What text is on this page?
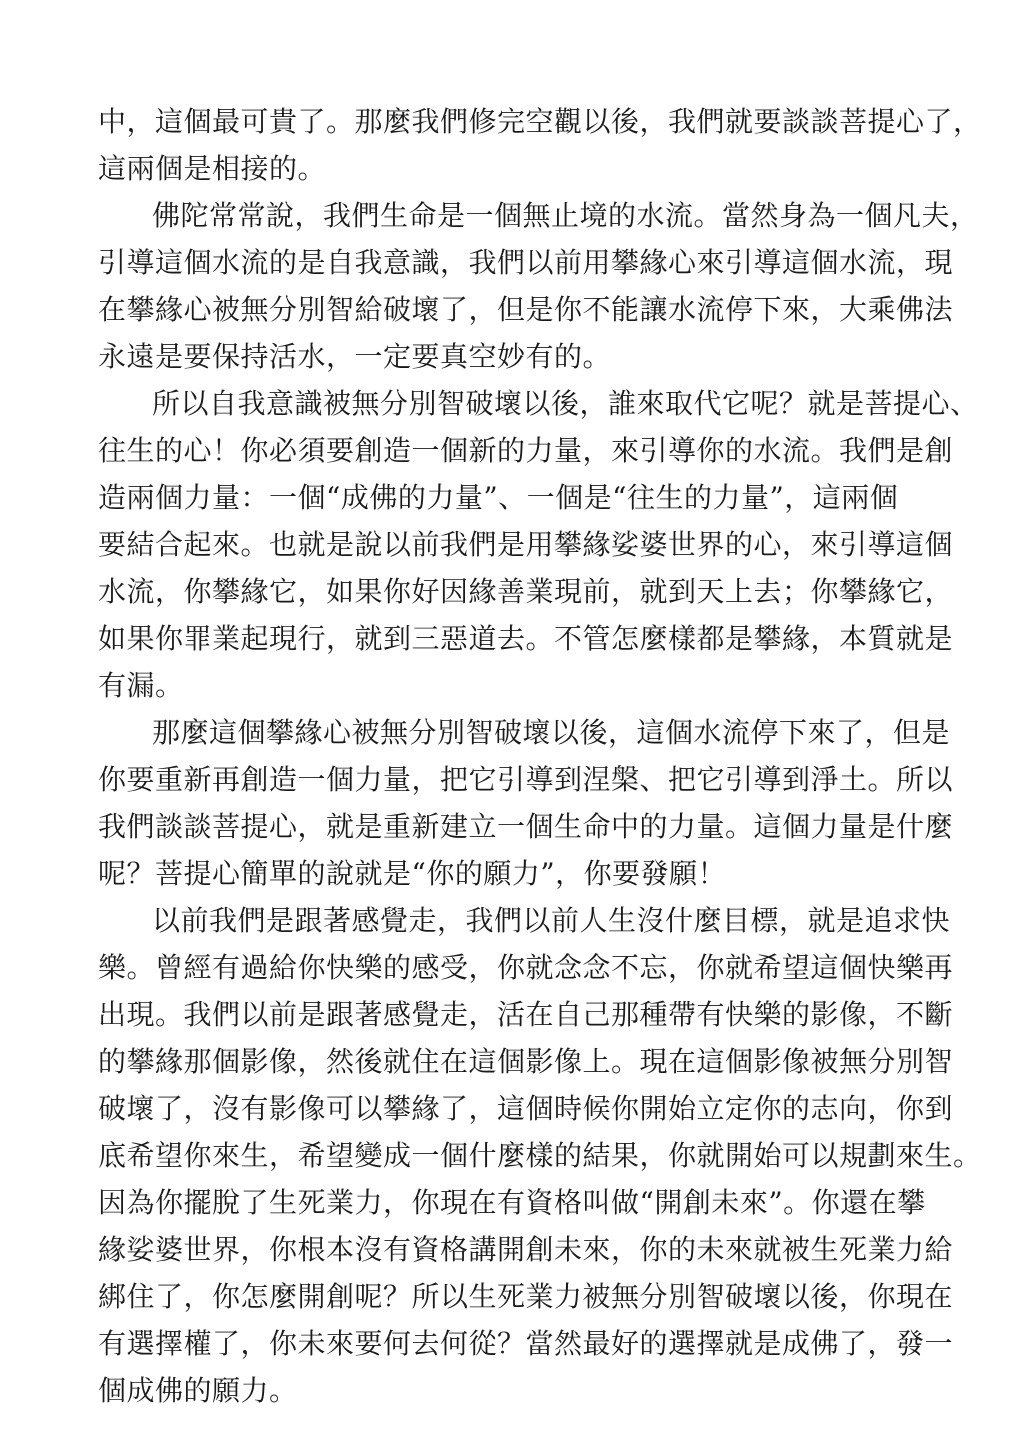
中，這個最可貴了。那麼我們修完空觀以後，我們就要談談菩提心了，
這兩個是相接的。
佛陀常常說，我們生命是一個無止境的水流。當然身為一個凡夫，
引導這個水流的是自我意識，我們以前用攀緣心來引導這個水流，現
在攀緣心被無分別智給破壞了，但是你不能讓水流停下來，大乘佛法
永遠是要保持活水，一定要真空妙有的。
所以自我意識被無分別智破壞以後，誰來取代它呢？就是菩提心、
往生的心！你必須要創造一個新的力量，來引導你的水流。我們是創
造兩個力量：一個“成佛的力量”、一個是“往生的力量”，這兩個
要結合起來。也就是說以前我們是用攀緣娑婆世界的心，來引導這個
水流，你攀緣它，如果你好因緣善業現前，就到天上去；你攀緣它，
如果你罪業起現行，就到三惡道去。不管怎麼樣都是攀緣，本質就是
有漏。
那麼這個攀緣心被無分別智破壞以後，這個水流停下來了，但是
你要重新再創造一個力量，把它引導到涅槃、把它引導到淨土。所以
我們談談菩提心，就是重新建立一個生命中的力量。這個力量是什麼
呢？菩提心簡單的說就是“你的願力”，你要發願！
以前我們是跟著感覺走，我們以前人生沒什麼目標，就是追求快
樂。曾經有過給你快樂的感受，你就念念不忘，你就希望這個快樂再
出現。我們以前是跟著感覺走，活在自己那種帶有快樂的影像，不斷
的攀緣那個影像，然後就住在這個影像上。現在這個影像被無分別智
破壞了，沒有影像可以攀緣了，這個時候你開始立定你的志向，你到
底希望你來生，希望變成一個什麼樣的結果，你就開始可以規劃來生。
因為你擺脫了生死業力，你現在有資格叫做“開創未來”。你還在攀
緣娑婆世界，你根本沒有資格講開創未來，你的未來就被生死業力給
綁住了，你怎麼開創呢？所以生死業力被無分別智破壞以後，你現在
有選擇權了，你未來要何去何從？當然最好的選擇就是成佛了，發一
個成佛的願力。
